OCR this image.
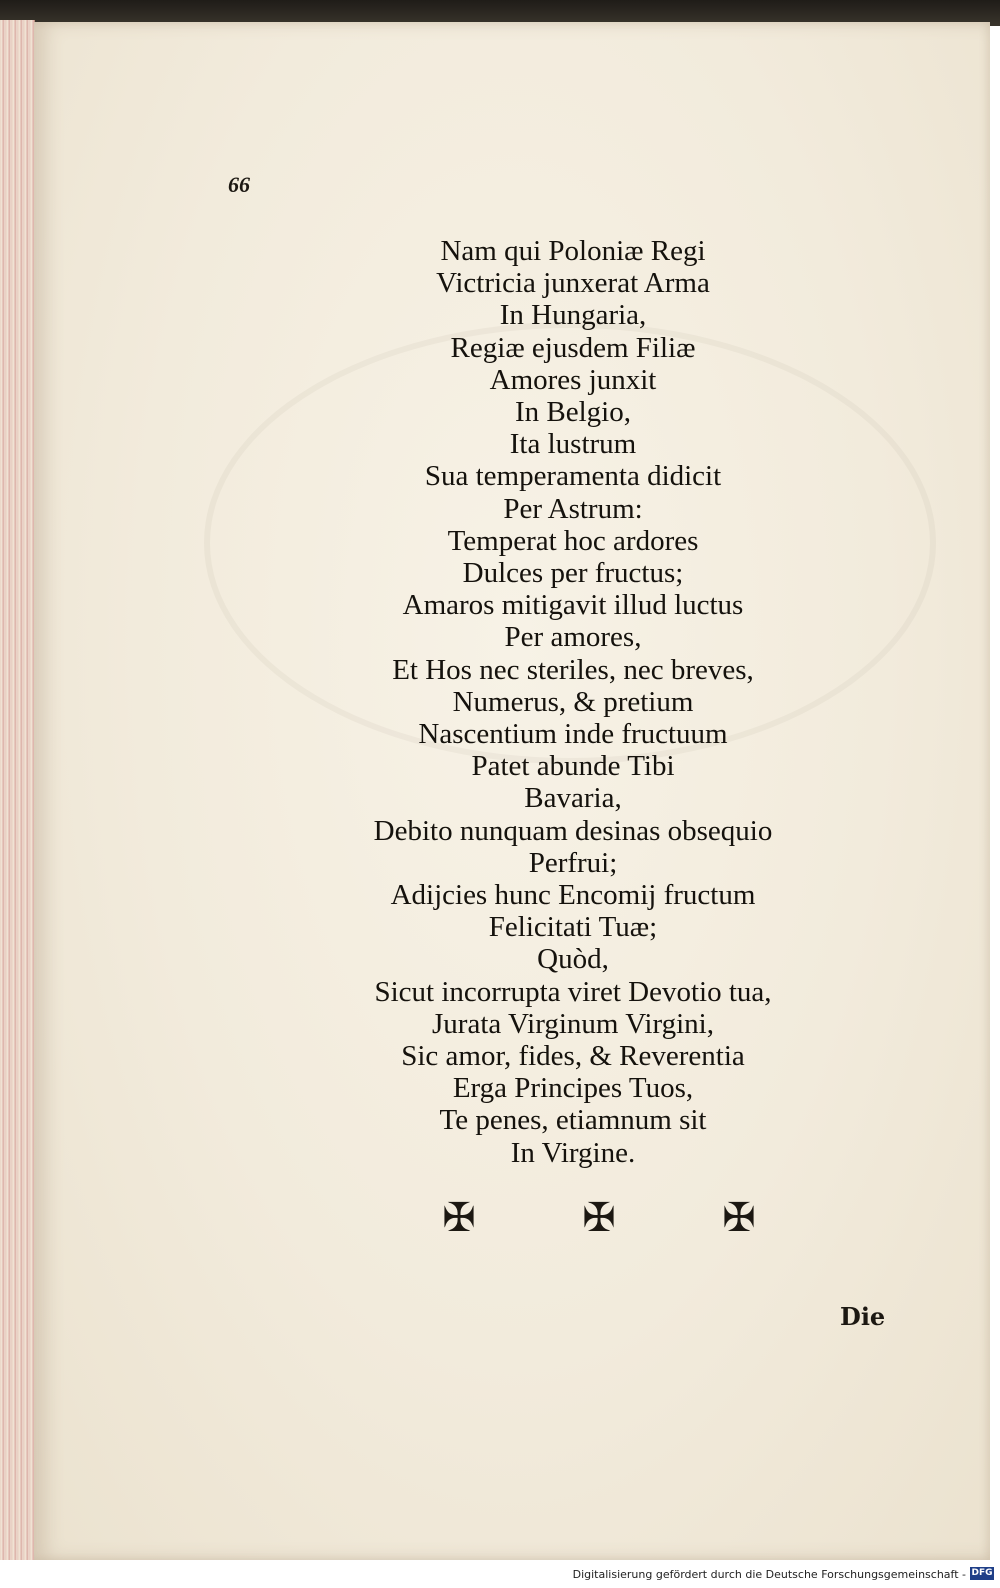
66
Nam qui Poloniæ Regi
Victricia junxerat Arma
In Hungaria,
Regiæ ejusdem Filiæ
Amores junxit
In Belgio,
Ita lustrum
Sua temperamenta didicit
Per Astrum:
Temperat hoc ardores
Dulces per fructus;
Amaros mitigavit illud luctus
Per amores,
Et Hos nec steriles, nec breves,
Numerus, & pretium
Nascentium inde fructuum
Patet abunde Tibi
Bavaria,
Debito nunquam desinas obsequio
Perfrui;
Adijcies hunc Encomij fructum
Felicitati Tuæ;
Quòd,
Sicut incorrupta viret Devotio tua,
Jurata Virginum Virgini,
Sic amor, fides, & Reverentia
Erga Principes Tuos,
Te penes, etiamnum sit
In Virgine.
✠	✠	✠
Die
Digitalisierung gefördert durch die Deutsche Forschungsgemeinschaft - DFG
